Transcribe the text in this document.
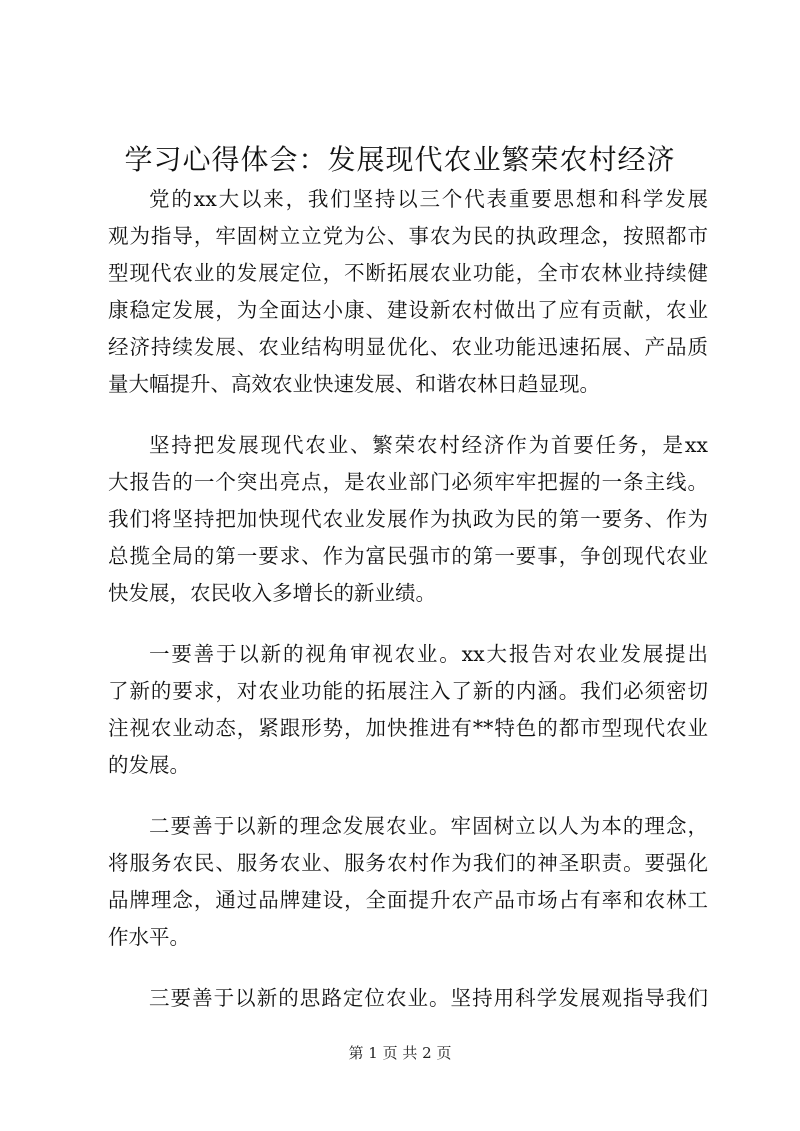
学习心得体会：发展现代农业繁荣农村经济
党的xx大以来，我们坚持以三个代表重要思想和科学发展
观为指导，牢固树立立党为公、事农为民的执政理念，按照都市
型现代农业的发展定位，不断拓展农业功能，全市农林业持续健
康稳定发展，为全面达小康、建设新农村做出了应有贡献，农业
经济持续发展、农业结构明显优化、农业功能迅速拓展、产品质
量大幅提升、高效农业快速发展、和谐农林日趋显现。
坚持把发展现代农业、繁荣农村经济作为首要任务，是xx
大报告的一个突出亮点，是农业部门必须牢牢把握的一条主线。
我们将坚持把加快现代农业发展作为执政为民的第一要务、作为
总揽全局的第一要求、作为富民强市的第一要事，争创现代农业
快发展，农民收入多增长的新业绩。
一要善于以新的视角审视农业。xx大报告对农业发展提出
了新的要求，对农业功能的拓展注入了新的内涵。我们必须密切
注视农业动态，紧跟形势，加快推进有**特色的都市型现代农业
的发展。
二要善于以新的理念发展农业。牢固树立以人为本的理念，
将服务农民、服务农业、服务农村作为我们的神圣职责。要强化
品牌理念，通过品牌建设，全面提升农产品市场占有率和农林工
作水平。
三要善于以新的思路定位农业。坚持用科学发展观指导我们
第 1 页 共 2 页
